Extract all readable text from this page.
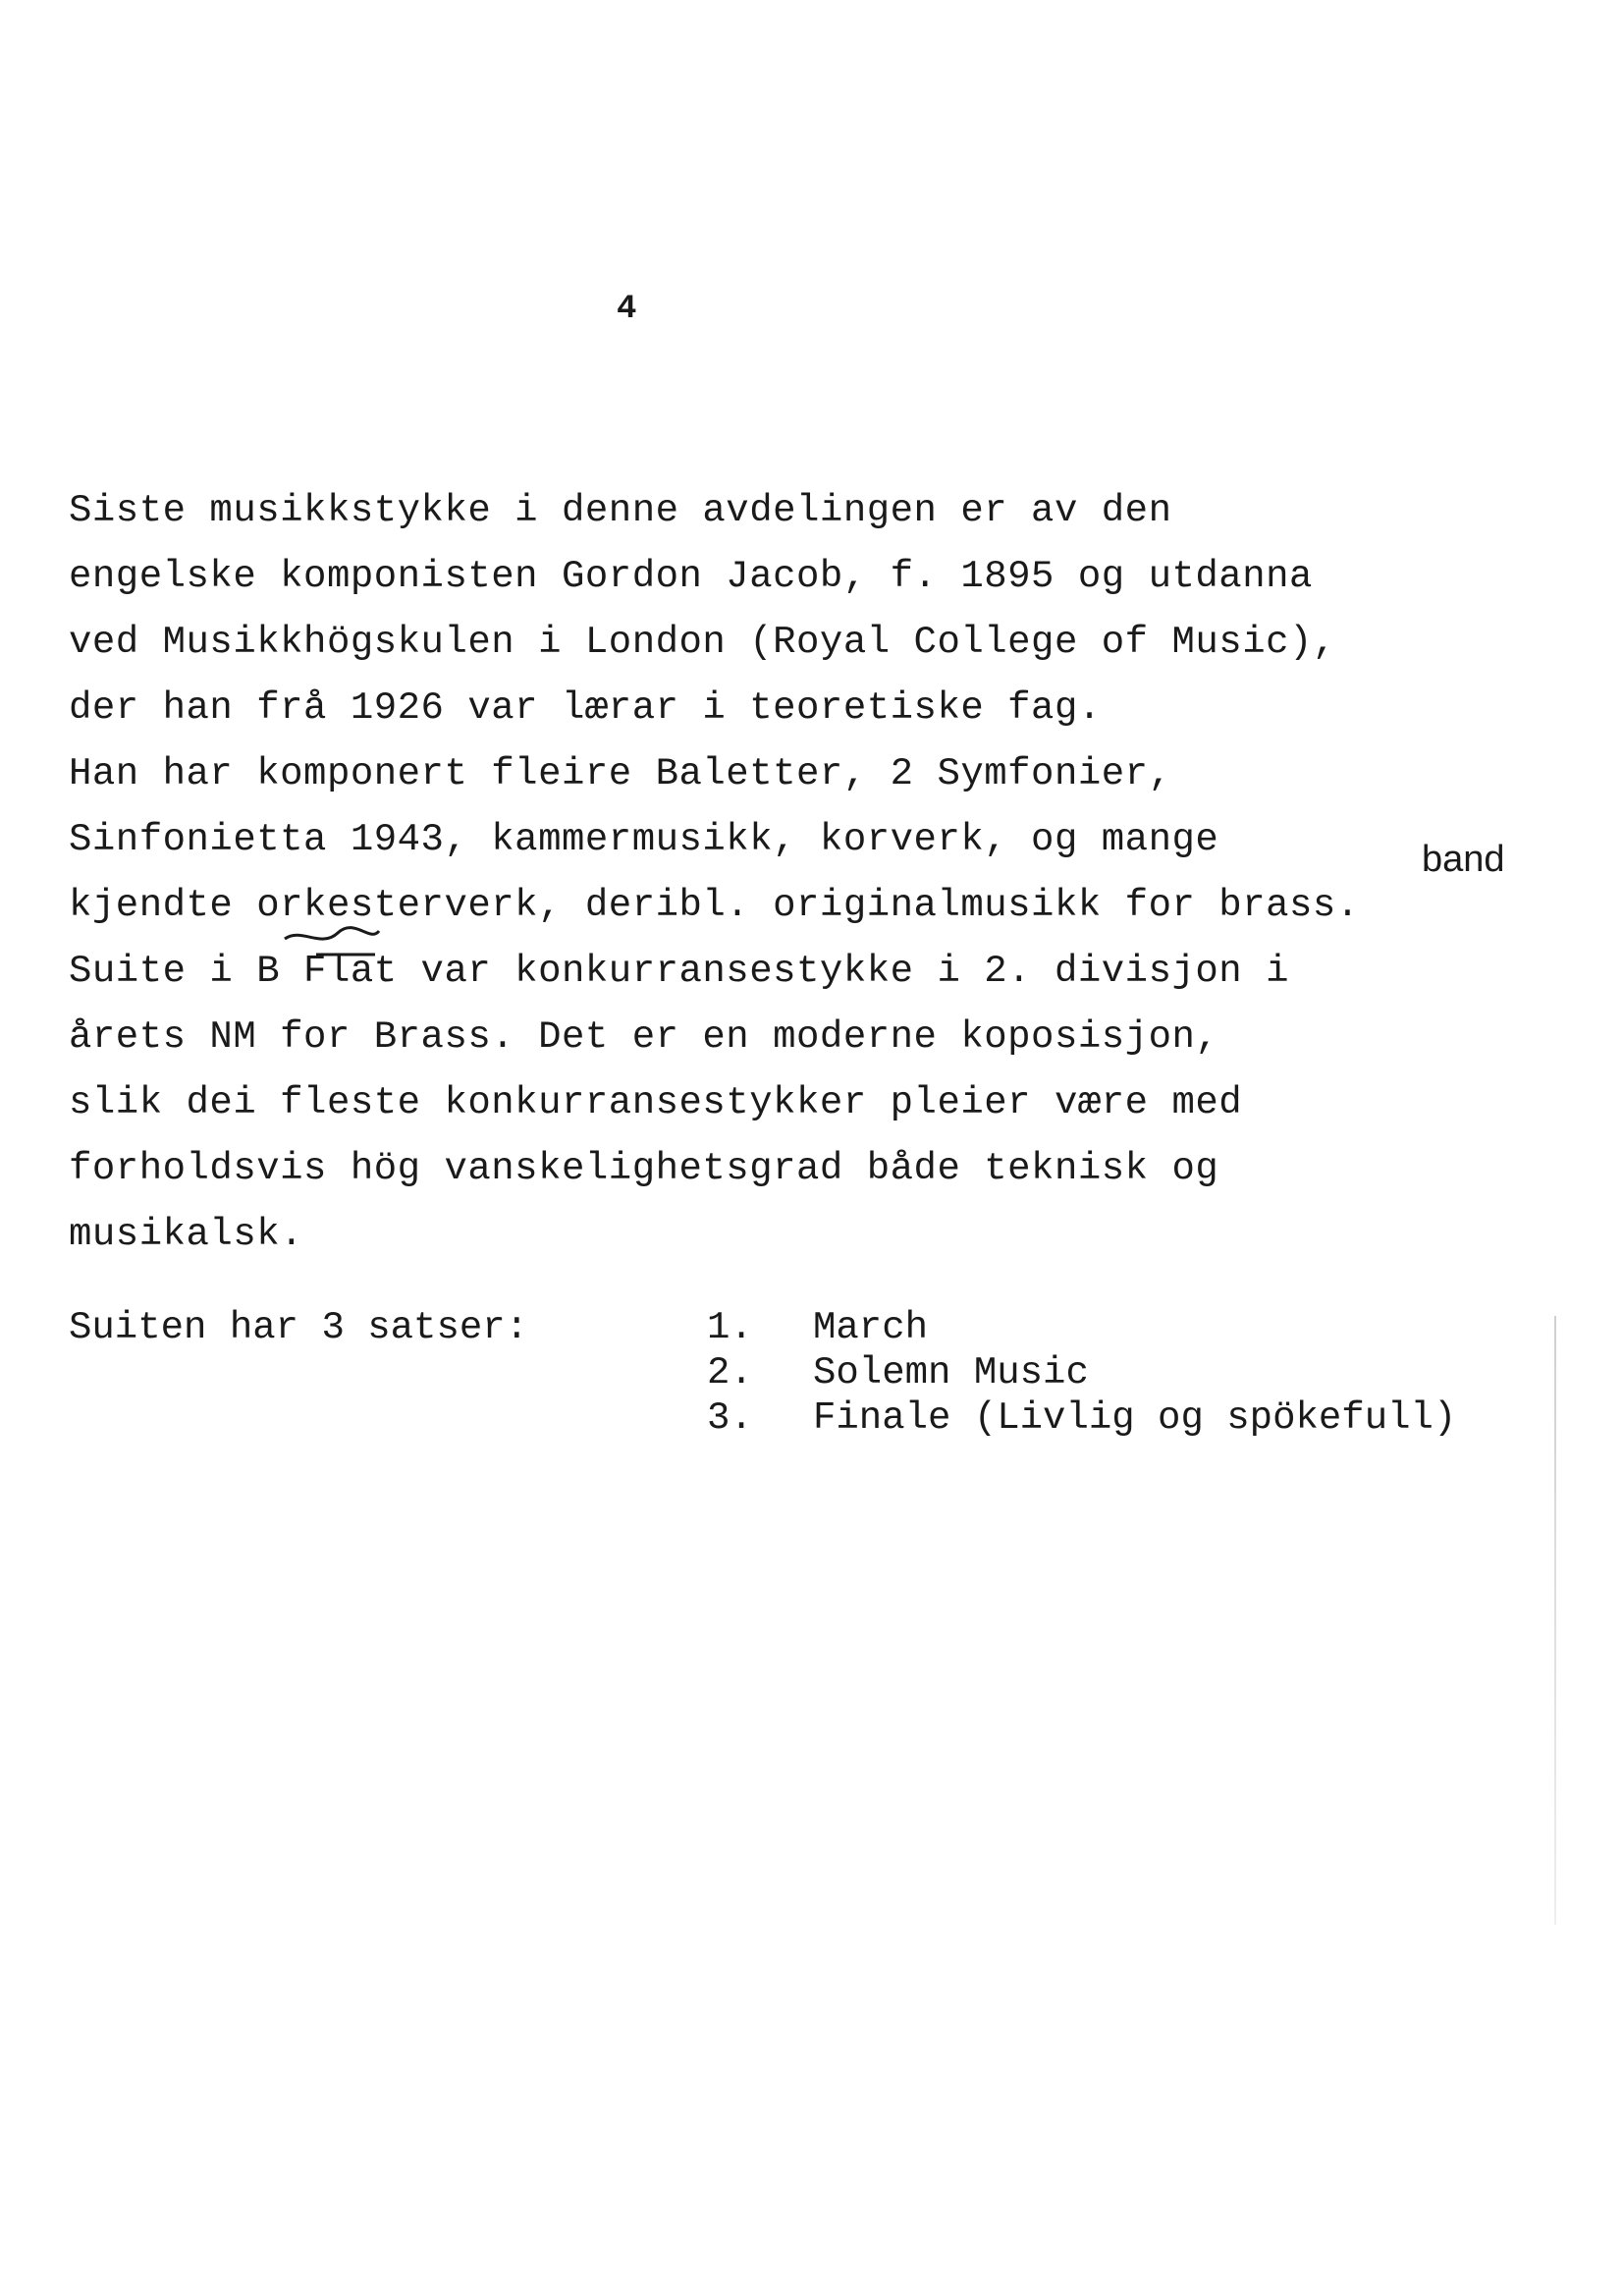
4
Siste musikkstykke i denne avdelingen er av den
engelske komponisten Gordon Jacob, f. 1895 og utdanna
ved Musikkhögskulen i London (Royal College of Music),
der han frå 1926 var lærar i teoretiske fag.
Han har komponert fleire Baletter, 2 Symfonier,
Sinfonietta 1943, kammermusikk, korverk, og mange
kjendte orkesterverk, deribl. originalmusikk for brass.
Suite i B Flat var konkurransestykke i 2. divisjon i
årets NM for Brass. Det er en moderne koposisjon,
slik dei fleste konkurransestykker pleier være med
forholdsvis hög vanskelighetsgrad både teknisk og
musikalsk.
band
Suiten har 3 satser:	1. March
2. Solemn Music
3. Finale (Livlig og spökefull)
